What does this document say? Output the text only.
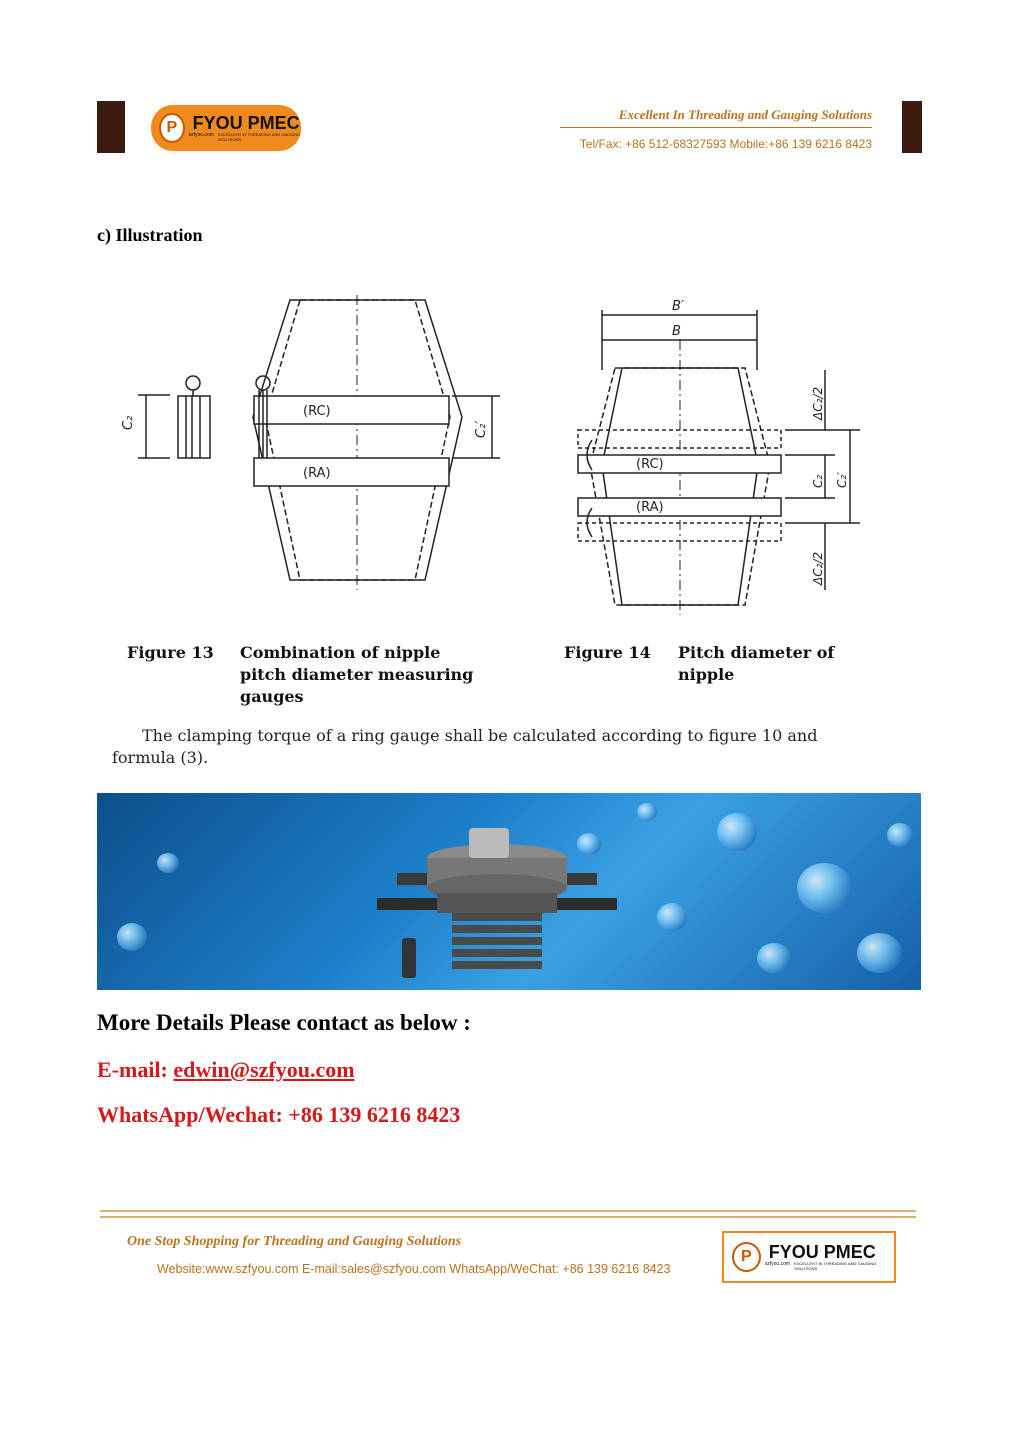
P FYOU PMEC
szfyou.com EXCELLENT IN THREADING AND GAUGING SOLUTIONS
Excellent In Threading and Gauging Solutions
Tel/Fax: +86 512-68327593 Mobile:+86 139 6216 8423
c) Illustration
(RC)
(RA)
C₂	C₂′
B′
B
(RC)
(RA)
ΔC₂/2
C₂ C₂′
ΔC₂/2
Figure 13 Combination of nipple
pitch diameter measuring
gauges
Figure 14 Pitch diameter of
nipple
The clamping torque of a ring gauge shall be calculated according to figure 10 and
formula (3).
More Details Please contact as below :
E-mail: edwin@szfyou.com
WhatsApp/Wechat: +86 139 6216 8423
One Stop Shopping for Threading and Gauging Solutions
Website:www.szfyou.com E-mail:sales@szfyou.com WhatsApp/WeChat: +86 139 6216 8423
P FYOU PMEC
szfyou.com EXCELLENT IN THREADING AND GAUGING SOLUTIONS
